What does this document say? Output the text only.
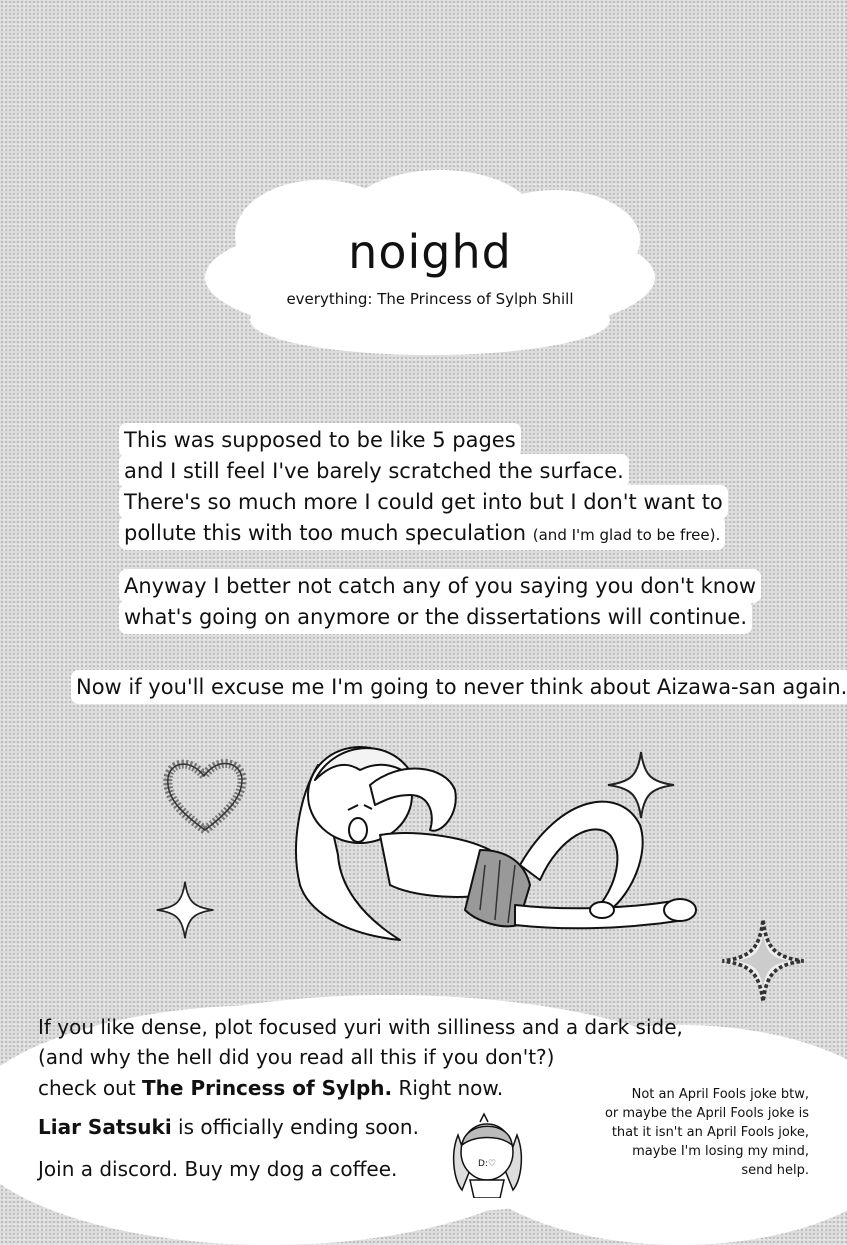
noighd
everything: The Princess of Sylph Shill
This was supposed to be like 5 pages
and I still feel I've barely scratched the surface.
There's so much more I could get into but I don't want to
pollute this with too much speculation (and I'm glad to be free).
Anyway I better not catch any of you saying you don't know
what's going on anymore or the dissertations will continue.
Now if you'll excuse me I'm going to never think about Aizawa-san again.
If you like dense, plot focused yuri with silliness and a dark side,
(and why the hell did you read all this if you don't?)
check out The Princess of Sylph. Right now.
Liar Satsuki is officially ending soon.
Join a discord. Buy my dog a coffee.
Not an April Fools joke btw,
or maybe the April Fools joke is
that it isn't an April Fools joke,
maybe I'm losing my mind,
send help.
D:♡
